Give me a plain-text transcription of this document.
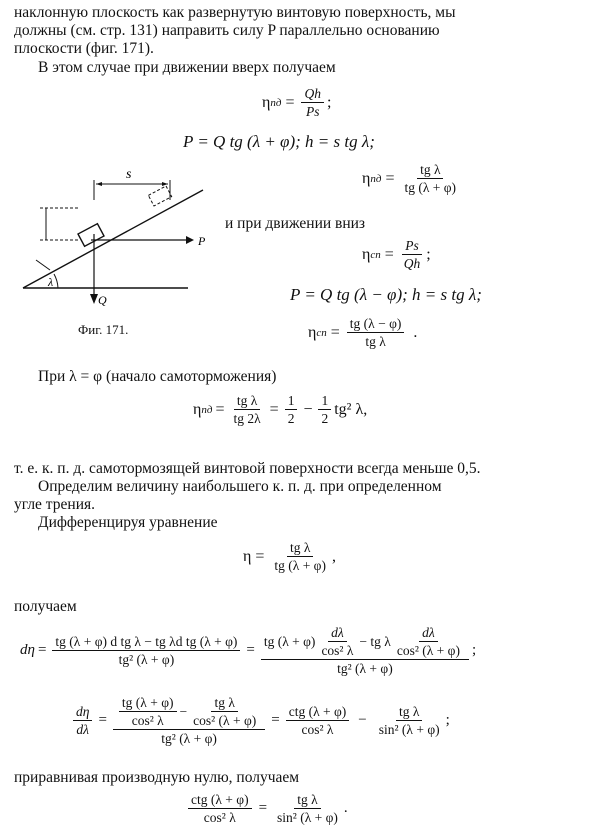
наклонную плоскость как развернутую винтовую поверхность, мы
должны (см. стр. 131) направить силу P параллельно основанию
плоскости (фиг. 171).
В этом случае при движении вверх получаем
η пд = $\frac{Qh}{Ps}$ ;
P = Q tg (λ + φ); h = s tg λ;
η пд = $\frac{\text{tg λ}}{tg (\lambda + \varphi)}$
s
P
Q
λ
Фиг. 171.
и при движении вниз
η сп = $\frac{Ps}{Qh}$ ;
P = Q tg (λ − φ); h = s tg λ;
η сп = $\frac{tg (\lambda - \varphi)}{\text{tg λ}}$ .
При λ = φ (начало самоторможения)
η пд = $\frac{\text{tg λ}}{tg 2\lambda} = \frac{1}{2} - \frac{1}{2} tg^2$ λ,
т. е. к. п. д. самотормозящей винтовой поверхности всегда меньше 0,5.
Определим величину наибольшего к. п. д. при определенном
угле трения.
Дифференцируя уравнение
$\eta = \frac{\text{tg λ}}{tg (\lambda + \varphi)}$ ,
получаем
$d\eta = \frac{\text{tg (λ + φ) d tg λ − tg λd tg (λ + φ)}}{\text{tg² (λ + φ)}} = \frac{tg (\lambda + \varphi) \frac{d\lambda}{\text{cos² λ}} - tg \lambda \frac{d\lambda}{\text{cos² (λ + φ)}}}{\text{tg² (λ + φ)}}$ ;
$\frac{d\eta}{d\lambda} = \frac{\frac{tg (\lambda + \varphi)}{\text{cos² λ}} - \frac{\text{tg λ}}{\text{cos² (λ + φ)}}}{\text{tg² (λ + φ)}} = \frac{\text{ctg (λ + φ)}}{\text{cos² λ}} - \frac{\text{tg λ}}{\text{sin² (λ + φ)}}$ ;
приравнивая производную нулю, получаем
$\frac{\text{ctg (λ + φ)}}{\text{cos² λ}} = \frac{\text{tg λ}}{\text{sin² (λ + φ)}}$ .
